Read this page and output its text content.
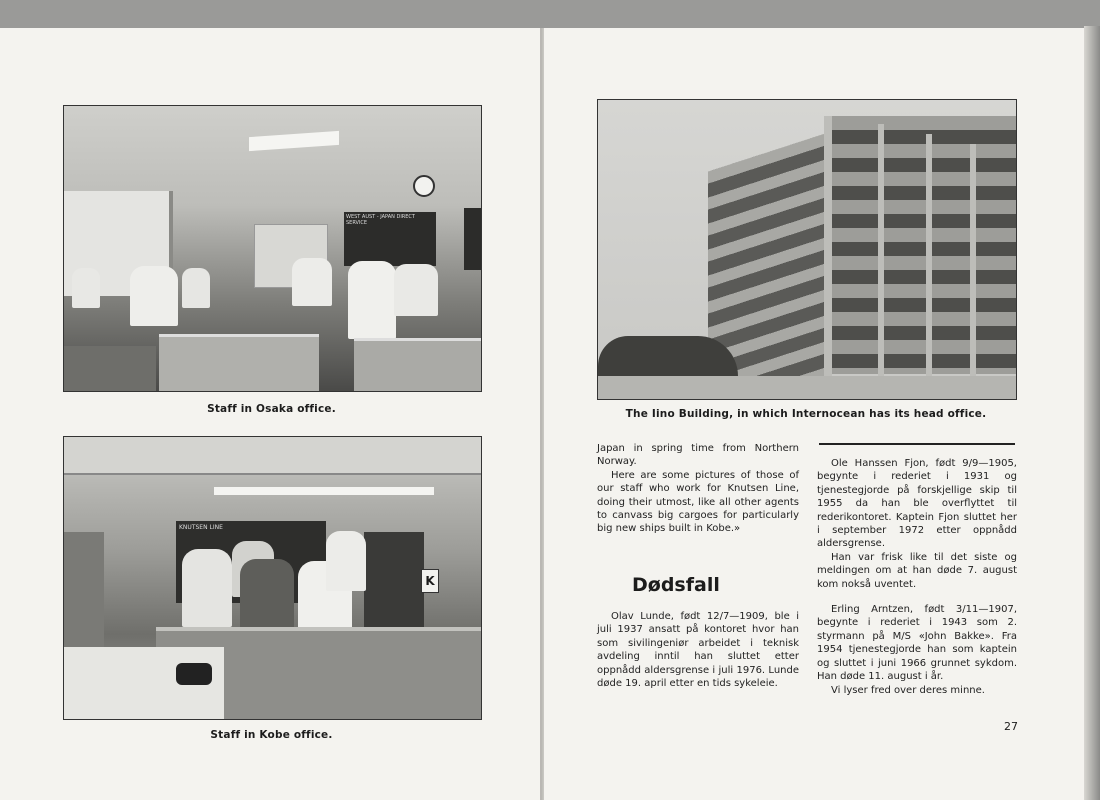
WEST AUST - JAPAN DIRECT SERVICE
Staff in Osaka office.
KNUTSEN LINE
K
Staff in Kobe office.
The Iino Building, in which Internocean has its head office.

Japan in spring time from Northern Norway.

Here are some pictures of those of our staff who work for Knutsen Line, doing their utmost, like all other agents to canvass big cargoes for particularly big new ships built in Kobe.»

Dødsfall

Olav Lunde, født 12/7—1909, ble i juli 1937 ansatt på kontoret hvor han som sivilingeniør arbeidet i teknisk avdeling inntil han sluttet etter oppnådd aldersgrense i juli 1976. Lunde døde 19. april etter en tids sykeleie.

Ole Hanssen Fjon, født 9/9—1905, begynte i rederiet i 1931 og tjenestegjorde på forskjellige skip til 1955 da han ble overflyttet til rederikontoret. Kaptein Fjon sluttet her i september 1972 etter oppnådd aldersgrense.

Han var frisk like til det siste og meldingen om at han døde 7. august kom nokså uventet.

Erling Arntzen, født 3/11—1907, begynte i rederiet i 1943 som 2. styrmann på M/S «John Bakke». Fra 1954 tjenestegjorde han som kaptein og sluttet i juni 1966 grunnet sykdom. Han døde 11. august i år.

Vi lyser fred over deres minne.

27
